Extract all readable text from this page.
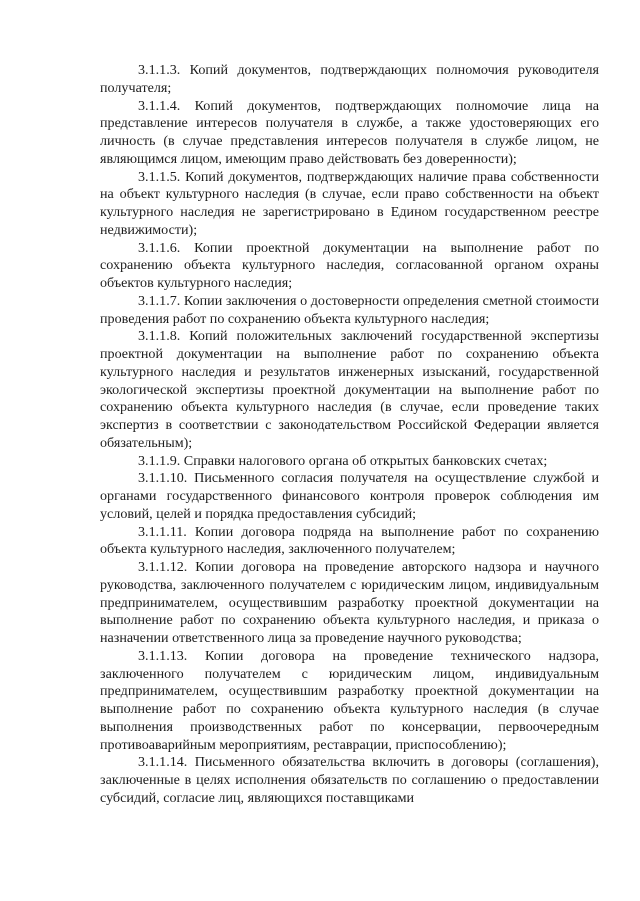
3.1.1.3. Копий документов, подтверждающих полномочия руководителя получателя;

3.1.1.4. Копий документов, подтверждающих полномочие лица на представление интересов получателя в службе, а также удостоверяющих его личность (в случае представления интересов получателя в службе лицом, не являющимся лицом, имеющим право действовать без доверенности);

3.1.1.5. Копий документов, подтверждающих наличие права собственности на объект культурного наследия (в случае, если право собственности на объект культурного наследия не зарегистрировано в Едином государственном реестре недвижимости);

3.1.1.6. Копии проектной документации на выполнение работ по сохранению объекта культурного наследия, согласованной органом охраны объектов культурного наследия;

3.1.1.7. Копии заключения о достоверности определения сметной стоимости проведения работ по сохранению объекта культурного наследия;

3.1.1.8. Копий положительных заключений государственной экспертизы проектной документации на выполнение работ по сохранению объекта культурного наследия и результатов инженерных изысканий, государственной экологической экспертизы проектной документации на выполнение работ по сохранению объекта культурного наследия (в случае, если проведение таких экспертиз в соответствии с законодательством Российской Федерации является обязательным);

3.1.1.9. Справки налогового органа об открытых банковских счетах;

3.1.1.10. Письменного согласия получателя на осуществление службой и органами государственного финансового контроля проверок соблюдения им условий, целей и порядка предоставления субсидий;

3.1.1.11. Копии договора подряда на выполнение работ по сохранению объекта культурного наследия, заключенного получателем;

3.1.1.12. Копии договора на проведение авторского надзора и научного руководства, заключенного получателем с юридическим лицом, индивидуальным предпринимателем, осуществившим разработку проектной документации на выполнение работ по сохранению объекта культурного наследия, и приказа о назначении ответственного лица за проведение научного руководства;

3.1.1.13. Копии договора на проведение технического надзора, заключенного получателем с юридическим лицом, индивидуальным предпринимателем, осуществившим разработку проектной документации на выполнение работ по сохранению объекта культурного наследия (в случае выполнения производственных работ по консервации, первоочередным противоаварийным мероприятиям, реставрации, приспособлению);

3.1.1.14. Письменного обязательства включить в договоры (соглашения), заключенные в целях исполнения обязательств по соглашению о предоставлении субсидий, согласие лиц, являющихся поставщиками
